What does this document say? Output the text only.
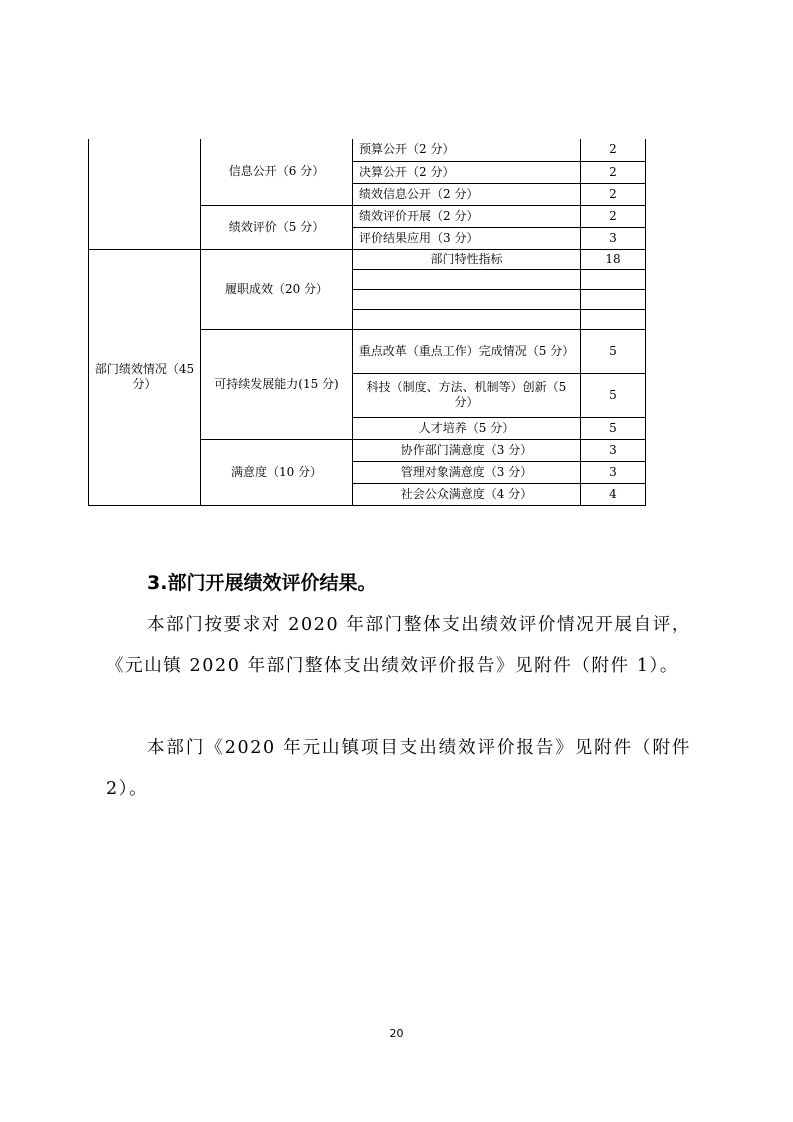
	信息公开（6 分）	预算公开（2 分）	2
		决算公开（2 分）	2
		绩效信息公开（2 分）	2
	绩效评价（5 分）	绩效评价开展（2 分）	2
		评价结果应用（3 分）	3
部门绩效情况（45 分）	履职成效（20 分）	部门特性指标	18

	可持续发展能力(15 分)	重点改革（重点工作）完成情况（5 分）	5
		科技（制度、方法、机制等）创新（5 分）	5
		人才培养（5 分）	5
	满意度（10 分）	协作部门满意度（3 分）	3
		管理对象满意度（3 分）	3
		社会公众满意度（4 分）	4
3.部门开展绩效评价结果。

本部门按要求对 2020 年部门整体支出绩效评价情况开展自评，《元山镇 2020 年部门整体支出绩效评价报告》见附件（附件 1）。

本部门《2020 年元山镇项目支出绩效评价报告》见附件（附件 2）。

20
